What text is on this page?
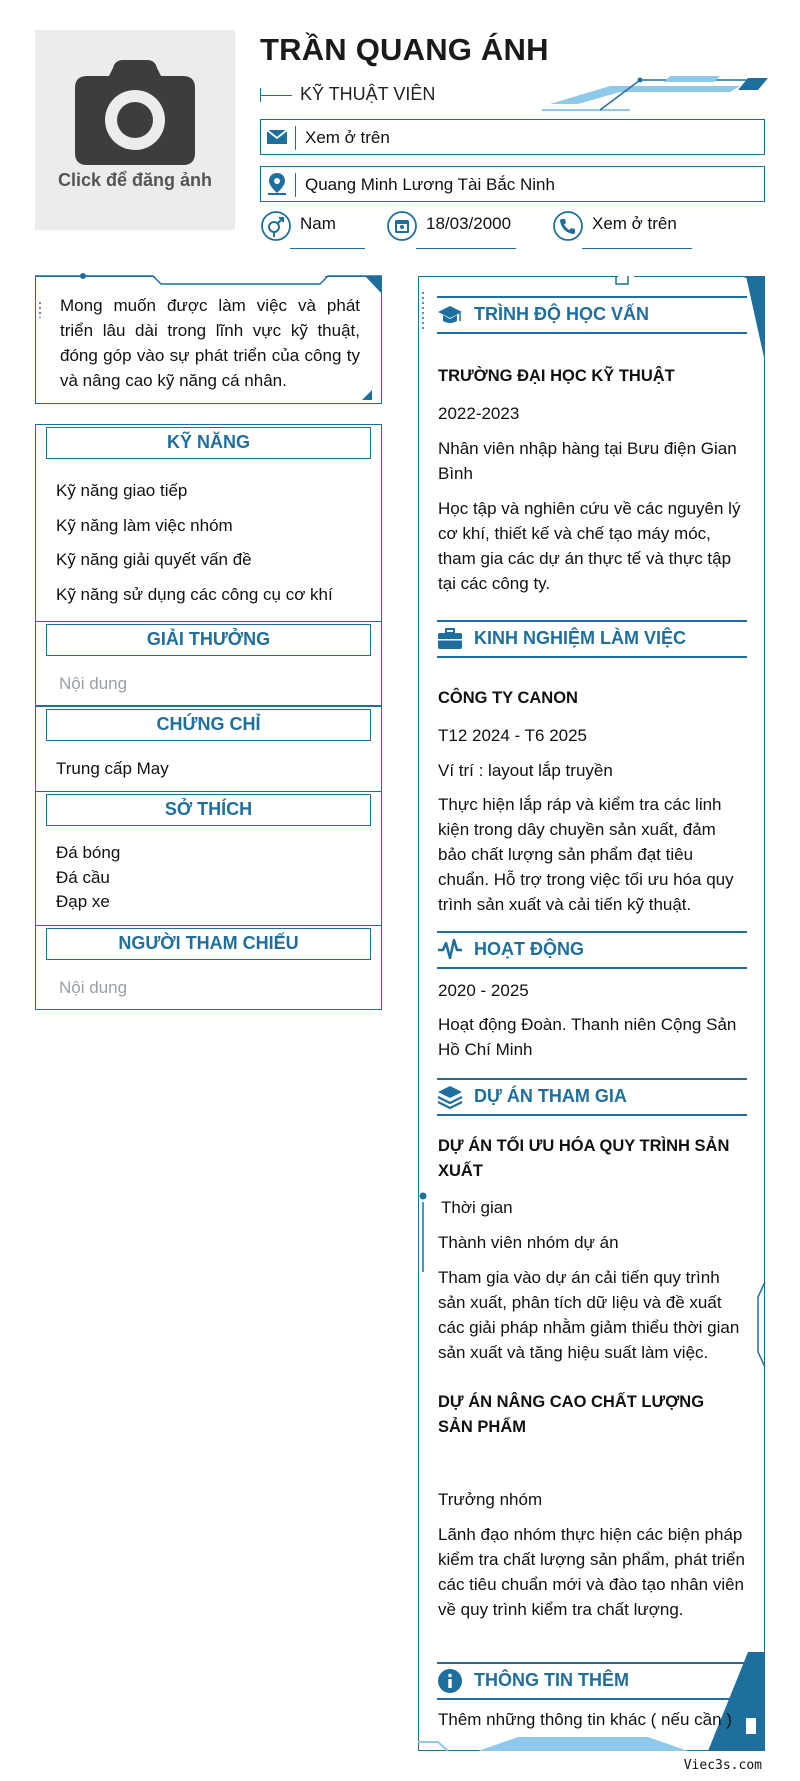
Click để đăng ảnh
TRẦN QUANG ÁNH
KỸ THUẬT VIÊN
Xem ở trên
Quang Minh Lương Tài Bắc Ninh
Nam	18/03/2000	Xem ở trên
Mong muốn được làm việc và phát triển lâu dài trong lĩnh vực kỹ thuật, đóng góp vào sự phát triển của công ty và nâng cao kỹ năng cá nhân.
KỸ NĂNG
Kỹ năng giao tiếp
Kỹ năng làm việc nhóm
Kỹ năng giải quyết vấn đề
Kỹ năng sử dụng các công cụ cơ khí
GIẢI THƯỞNG
Nội dung
CHỨNG CHỈ
Trung cấp May
SỞ THÍCH
Đá bóng
Đá cầu
Đạp xe
NGƯỜI THAM CHIẾU
Nội dung
TRÌNH ĐỘ HỌC VẤN
TRƯỜNG ĐẠI HỌC KỸ THUẬT
2022-2023
Nhân viên nhập hàng tại Bưu điện Gian Bình
Học tập và nghiên cứu về các nguyên lý cơ khí, thiết kế và chế tạo máy móc, tham gia các dự án thực tế và thực tập tại các công ty.
KINH NGHIỆM LÀM VIỆC
CÔNG TY CANON
T12 2024 - T6 2025
Ví trí : layout lắp truyền
Thực hiện lắp ráp và kiểm tra các linh kiện trong dây chuyền sản xuất, đảm bảo chất lượng sản phẩm đạt tiêu chuẩn. Hỗ trợ trong việc tối ưu hóa quy trình sản xuất và cải tiến kỹ thuật.
HOẠT ĐỘNG
2020 - 2025
Hoạt động Đoàn. Thanh niên Cộng Sản Hồ Chí Minh
DỰ ÁN THAM GIA
DỰ ÁN TỐI ƯU HÓA QUY TRÌNH SẢN XUẤT
Thời gian
Thành viên nhóm dự án
Tham gia vào dự án cải tiến quy trình sản xuất, phân tích dữ liệu và đề xuất các giải pháp nhằm giảm thiểu thời gian sản xuất và tăng hiệu suất làm việc.
DỰ ÁN NÂNG CAO CHẤT LƯỢNG SẢN PHẨM
Trưởng nhóm
Lãnh đạo nhóm thực hiện các biện pháp kiểm tra chất lượng sản phẩm, phát triển các tiêu chuẩn mới và đào tạo nhân viên về quy trình kiểm tra chất lượng.
THÔNG TIN THÊM
Thêm những thông tin khác ( nếu cần )
Viec3s.com
